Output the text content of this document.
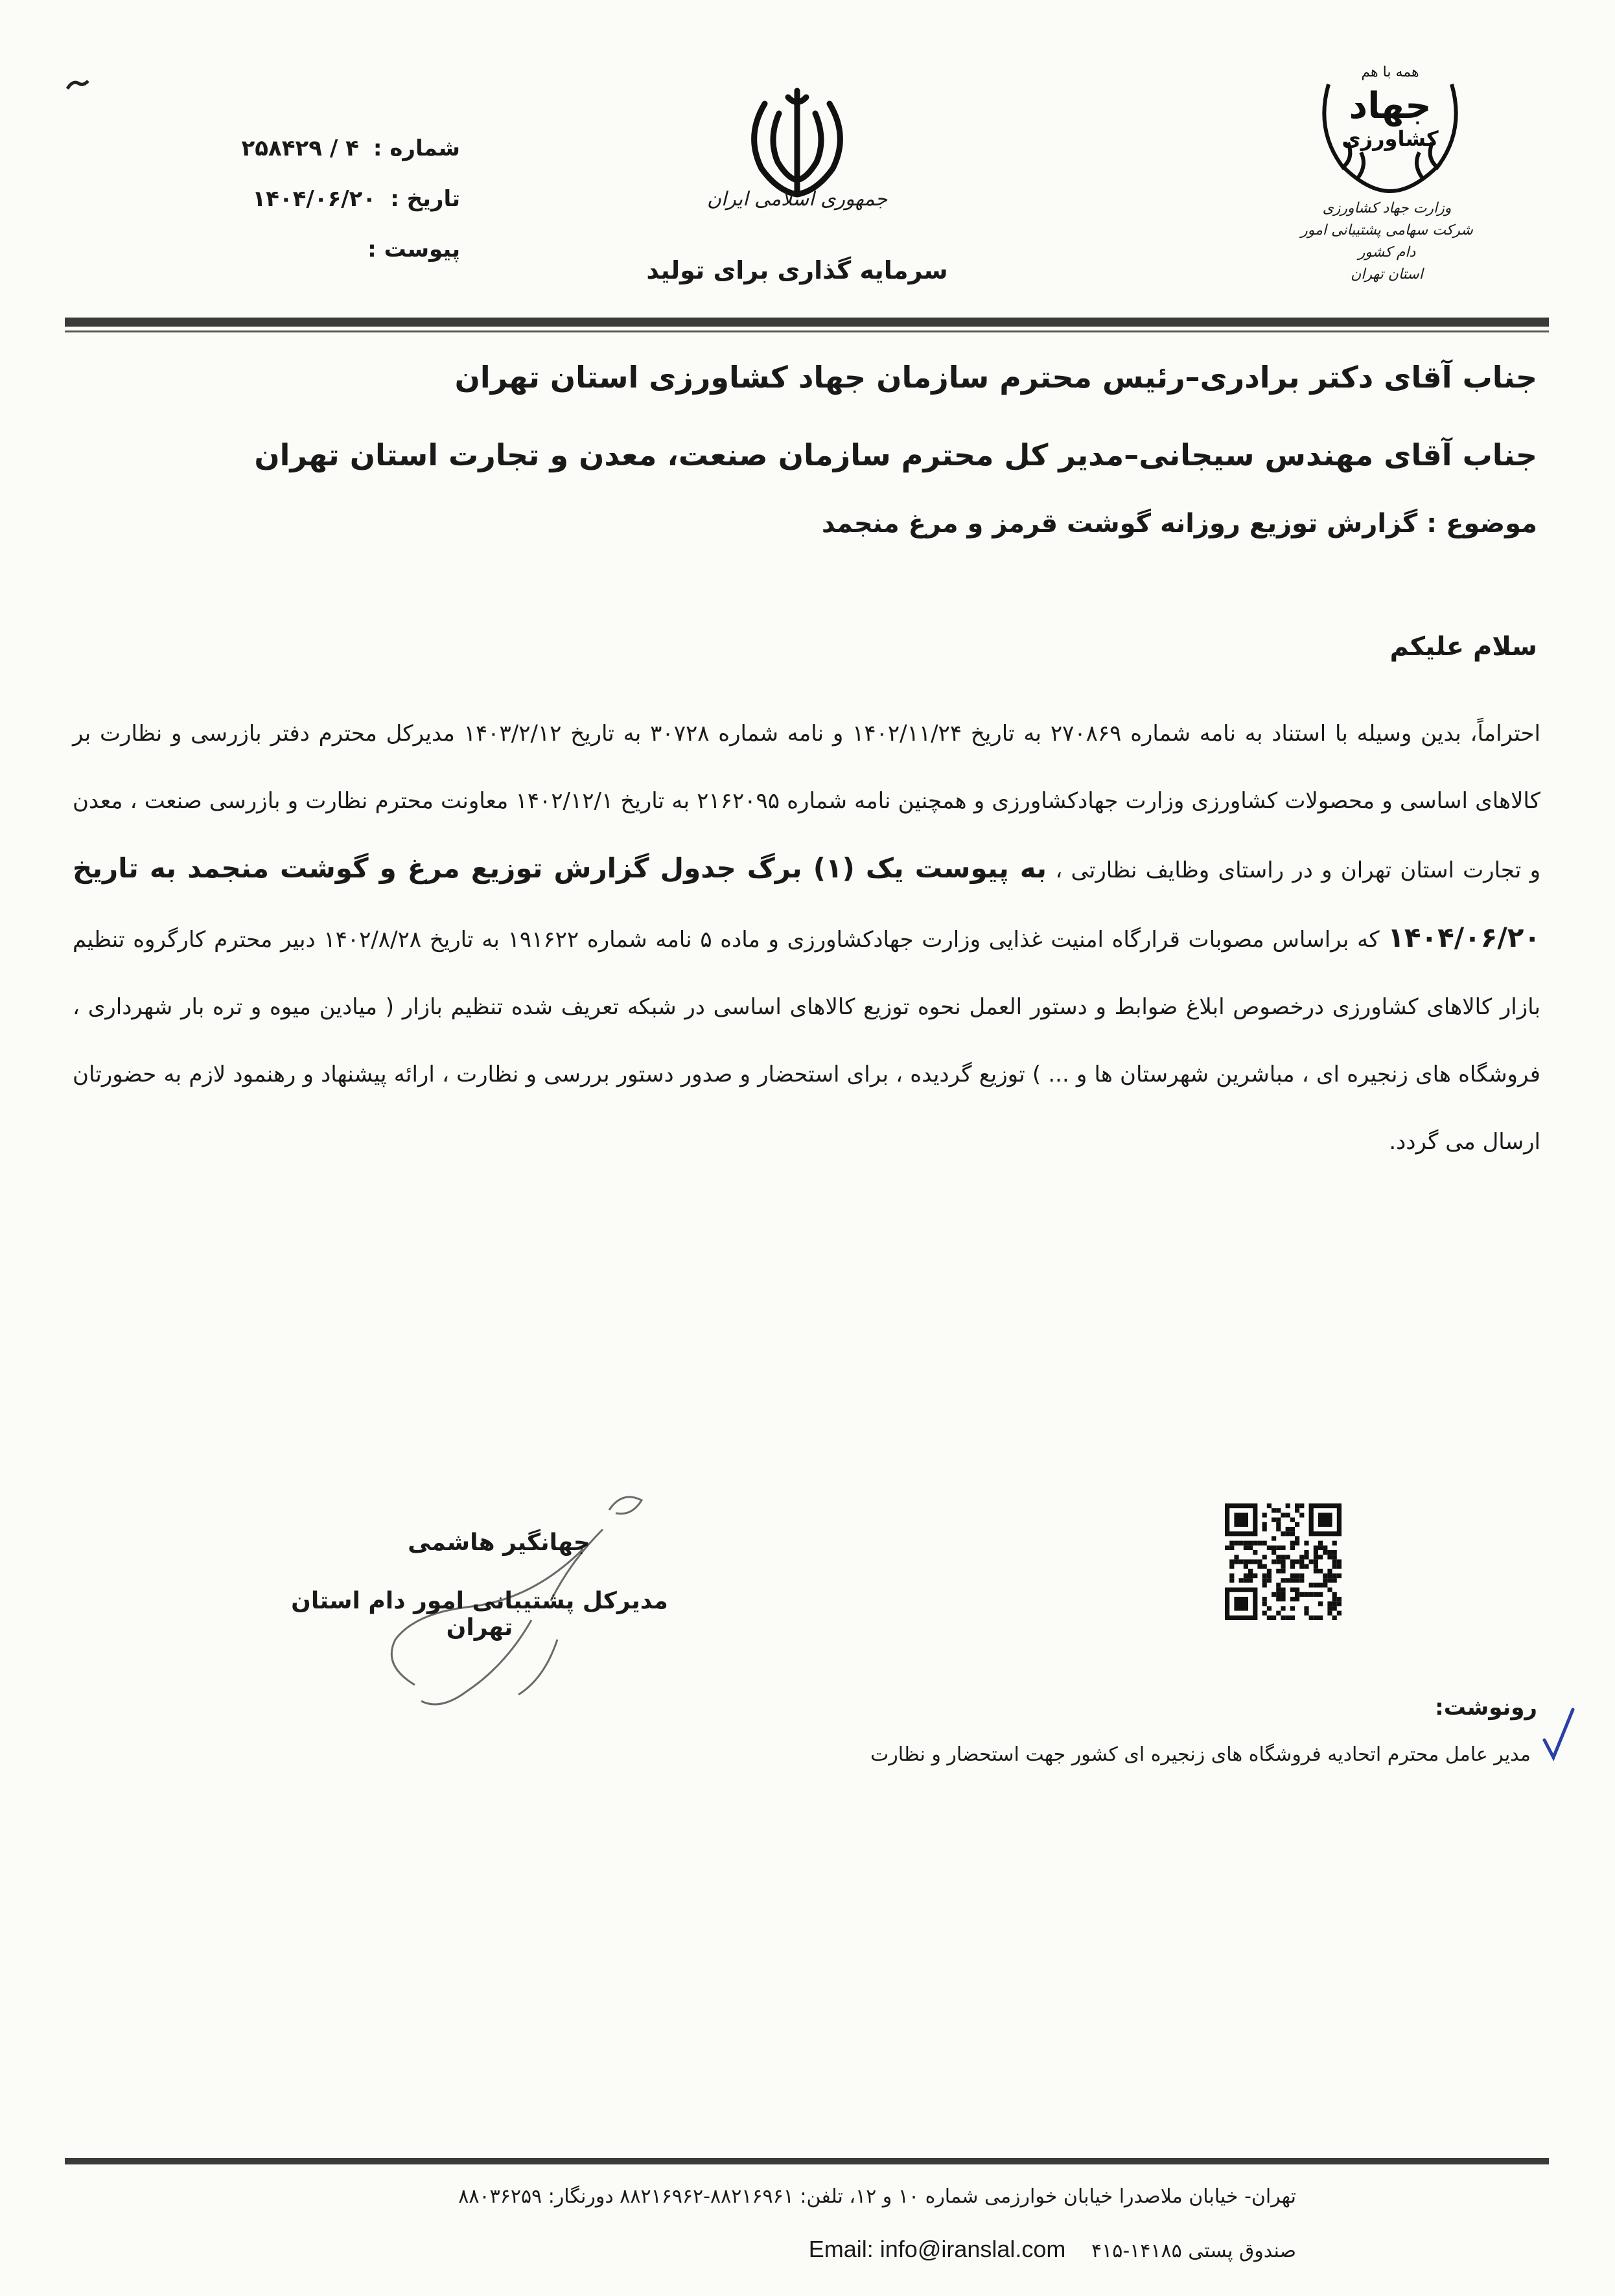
شماره :
۴ / ۲۵۸۴۲۹
تاریخ :
۱۴۰۴/۰۶/۲۰
پیوست :
جمهوری اسلامی ایران
سرمایه گذاری برای تولید
همه با هم
جهاد
کشاورزی
وزارت جهاد کشاورزی
شرکت سهامی پشتیبانی امور دام کشور
استان تهران
جناب آقای دکتر برادری–رئیس محترم سازمان جهاد کشاورزی استان تهران
جناب آقای مهندس سیجانی–مدیر کل محترم سازمان صنعت، معدن و تجارت استان تهران
موضوع : گزارش توزیع روزانه گوشت قرمز و مرغ منجمد
سلام علیکم
احتراماً، بدین وسیله با استناد به نامه شماره ۲۷۰۸۶۹ به تاریخ ۱۴۰۲/۱۱/۲۴ و نامه شماره ۳۰۷۲۸ به تاریخ ۱۴۰۳/۲/۱۲ مدیرکل محترم دفتر بازرسی و نظارت بر کالاهای اساسی و محصولات کشاورزی وزارت جهادکشاورزی و همچنین نامه شماره ۲۱۶۲۰۹۵ به تاریخ ۱۴۰۲/۱۲/۱ معاونت محترم نظارت و بازرسی صنعت ، معدن و تجارت استان تهران و در راستای وظایف نظارتی ، به پیوست یک (۱) برگ جدول گزارش توزیع مرغ و گوشت منجمد به تاریخ ۱۴۰۴/۰۶/۲۰ که براساس مصوبات قرارگاه امنیت غذایی وزارت جهادکشاورزی و ماده ۵ نامه شماره ۱۹۱۶۲۲ به تاریخ ۱۴۰۲/۸/۲۸ دبیر محترم کارگروه تنظیم بازار کالاهای کشاورزی درخصوص ابلاغ ضوابط و دستور العمل نحوه توزیع کالاهای اساسی در شبکه تعریف شده تنظیم بازار ( میادین میوه و تره بار شهرداری ، فروشگاه های زنجیره ای ، مباشرین شهرستان ها و ... ) توزیع گردیده ، برای استحضار و صدور دستور بررسی و نظارت ، ارائه پیشنهاد و رهنمود لازم به حضورتان ارسال می گردد.
جهانگیر هاشمی
مدیرکل پشتیبانی امور دام استان تهران
رونوشت:
مدیر عامل محترم اتحادیه فروشگاه های زنجیره ای کشور جهت استحضار و نظارت
تهران- خیابان ملاصدرا خیابان خوارزمی شماره ۱۰ و ۱۲، تلفن: ۸۸۲۱۶۹۶۱-۸۸۲۱۶۹۶۲ دورنگار: ۸۸۰۳۶۲۵۹
صندوق پستی ۱۴۱۸۵-۴۱۵ Email: info@iranslal.com
